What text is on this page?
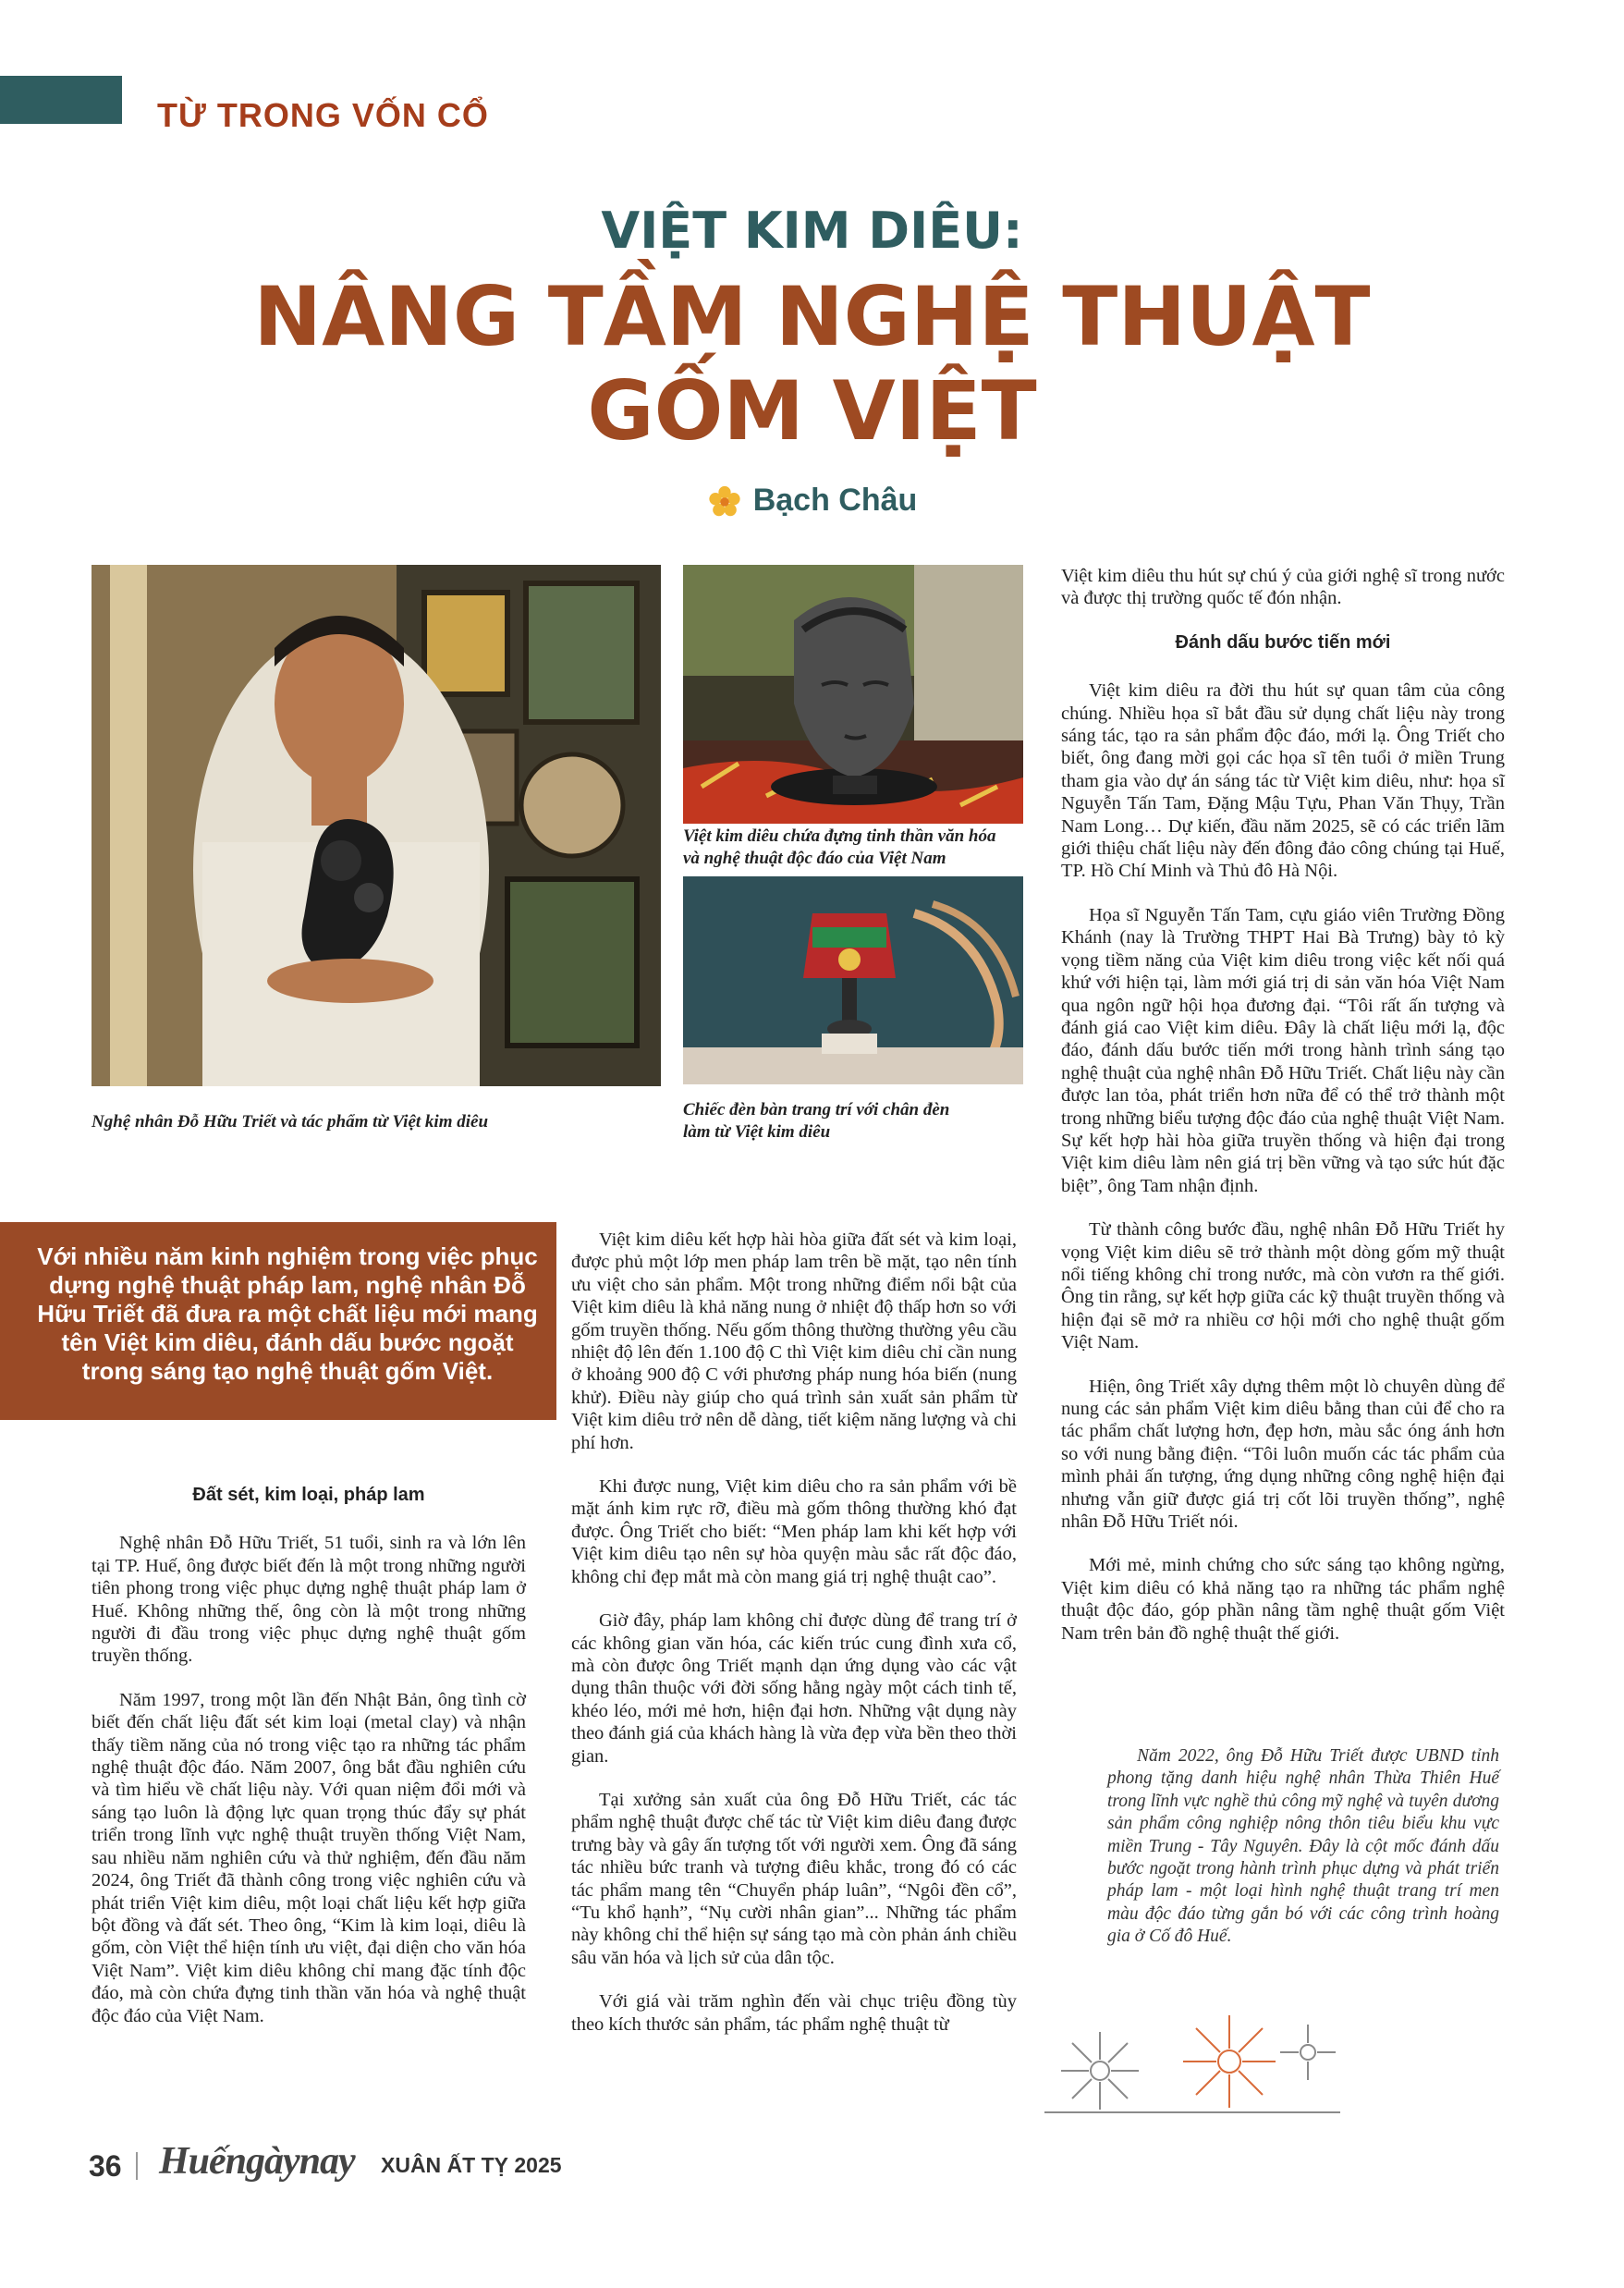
TỪ TRONG VỐN CỔ
VIỆT KIM DIÊU:
NÂNG TẦM NGHỆ THUẬT
GỐM VIỆT
Bạch Châu
Nghệ nhân Đỗ Hữu Triết và tác phẩm từ Việt kim diêu
Việt kim diêu chứa đựng tinh thần văn hóa
và nghệ thuật độc đáo của Việt Nam
Chiếc đèn bàn trang trí với chân đèn
làm từ Việt kim diêu
Với nhiều năm kinh nghiệm trong việc phục dựng nghệ thuật pháp lam, nghệ nhân Đỗ Hữu Triết đã đưa ra một chất liệu mới mang tên Việt kim diêu, đánh dấu bước ngoặt trong sáng tạo nghệ thuật gốm Việt.
Đất sét, kim loại, pháp lam

Nghệ nhân Đỗ Hữu Triết, 51 tuổi, sinh ra và lớn lên tại TP. Huế, ông được biết đến là một trong những người tiên phong trong việc phục dựng nghệ thuật pháp lam ở Huế. Không những thế, ông còn là một trong những người đi đầu trong việc phục dựng nghệ thuật gốm truyền thống.

Năm 1997, trong một lần đến Nhật Bản, ông tình cờ biết đến chất liệu đất sét kim loại (metal clay) và nhận thấy tiềm năng của nó trong việc tạo ra những tác phẩm nghệ thuật độc đáo. Năm 2007, ông bắt đầu nghiên cứu và tìm hiểu về chất liệu này. Với quan niệm đổi mới và sáng tạo luôn là động lực quan trọng thúc đẩy sự phát triển trong lĩnh vực nghệ thuật truyền thống Việt Nam, sau nhiều năm nghiên cứu và thử nghiệm, đến đầu năm 2024, ông Triết đã thành công trong việc nghiên cứu và phát triển Việt kim diêu, một loại chất liệu kết hợp giữa bột đồng và đất sét. Theo ông, “Kim là kim loại, diêu là gốm, còn Việt thể hiện tính ưu việt, đại diện cho văn hóa Việt Nam”. Việt kim diêu không chỉ mang đặc tính độc đáo, mà còn chứa đựng tinh thần văn hóa và nghệ thuật độc đáo của Việt Nam.

Việt kim diêu kết hợp hài hòa giữa đất sét và kim loại, được phủ một lớp men pháp lam trên bề mặt, tạo nên tính ưu việt cho sản phẩm. Một trong những điểm nổi bật của Việt kim diêu là khả năng nung ở nhiệt độ thấp hơn so với gốm truyền thống. Nếu gốm thông thường thường yêu cầu nhiệt độ lên đến 1.100 độ C thì Việt kim diêu chỉ cần nung ở khoảng 900 độ C với phương pháp nung hóa biến (nung khử). Điều này giúp cho quá trình sản xuất sản phẩm từ Việt kim diêu trở nên dễ dàng, tiết kiệm năng lượng và chi phí hơn.

Khi được nung, Việt kim diêu cho ra sản phẩm với bề mặt ánh kim rực rỡ, điều mà gốm thông thường khó đạt được. Ông Triết cho biết: “Men pháp lam khi kết hợp với Việt kim diêu tạo nên sự hòa quyện màu sắc rất độc đáo, không chỉ đẹp mắt mà còn mang giá trị nghệ thuật cao”.

Giờ đây, pháp lam không chỉ được dùng để trang trí ở các không gian văn hóa, các kiến trúc cung đình xưa cổ, mà còn được ông Triết mạnh dạn ứng dụng vào các vật dụng thân thuộc với đời sống hằng ngày một cách tinh tế, khéo léo, mới mẻ hơn, hiện đại hơn. Những vật dụng này theo đánh giá của khách hàng là vừa đẹp vừa bền theo thời gian.

Tại xưởng sản xuất của ông Đỗ Hữu Triết, các tác phẩm nghệ thuật được chế tác từ Việt kim diêu đang được trưng bày và gây ấn tượng tốt với người xem. Ông đã sáng tác nhiều bức tranh và tượng điêu khắc, trong đó có các tác phẩm mang tên “Chuyển pháp luân”, “Ngôi đền cổ”, “Tu khổ hạnh”, “Nụ cười nhân gian”... Những tác phẩm này không chỉ thể hiện sự sáng tạo mà còn phản ánh chiều sâu văn hóa và lịch sử của dân tộc.

Với giá vài trăm nghìn đến vài chục triệu đồng tùy theo kích thước sản phẩm, tác phẩm nghệ thuật từ

Việt kim diêu thu hút sự chú ý của giới nghệ sĩ trong nước và được thị trường quốc tế đón nhận.

Đánh dấu bước tiến mới

Việt kim diêu ra đời thu hút sự quan tâm của công chúng. Nhiều họa sĩ bắt đầu sử dụng chất liệu này trong sáng tác, tạo ra sản phẩm độc đáo, mới lạ. Ông Triết cho biết, ông đang mời gọi các họa sĩ tên tuổi ở miền Trung tham gia vào dự án sáng tác từ Việt kim diêu, như: họa sĩ Nguyễn Tấn Tam, Đặng Mậu Tựu, Phan Văn Thụy, Trần Nam Long… Dự kiến, đầu năm 2025, sẽ có các triển lãm giới thiệu chất liệu này đến đông đảo công chúng tại Huế, TP. Hồ Chí Minh và Thủ đô Hà Nội.

Họa sĩ Nguyễn Tấn Tam, cựu giáo viên Trường Đồng Khánh (nay là Trường THPT Hai Bà Trưng) bày tỏ kỳ vọng tiềm năng của Việt kim diêu trong việc kết nối quá khứ với hiện tại, làm mới giá trị di sản văn hóa Việt Nam qua ngôn ngữ hội họa đương đại. “Tôi rất ấn tượng và đánh giá cao Việt kim diêu. Đây là chất liệu mới lạ, độc đáo, đánh dấu bước tiến mới trong hành trình sáng tạo nghệ thuật của nghệ nhân Đỗ Hữu Triết. Chất liệu này cần được lan tỏa, phát triển hơn nữa để có thể trở thành một trong những biểu tượng độc đáo của nghệ thuật Việt Nam. Sự kết hợp hài hòa giữa truyền thống và hiện đại trong Việt kim diêu làm nên giá trị bền vững và tạo sức hút đặc biệt”, ông Tam nhận định.

Từ thành công bước đầu, nghệ nhân Đỗ Hữu Triết hy vọng Việt kim diêu sẽ trở thành một dòng gốm mỹ thuật nổi tiếng không chỉ trong nước, mà còn vươn ra thế giới. Ông tin rằng, sự kết hợp giữa các kỹ thuật truyền thống và hiện đại sẽ mở ra nhiều cơ hội mới cho nghệ thuật gốm Việt Nam.

Hiện, ông Triết xây dựng thêm một lò chuyên dùng để nung các sản phẩm Việt kim diêu bằng than củi để cho ra tác phẩm chất lượng hơn, đẹp hơn, màu sắc óng ánh hơn so với nung bằng điện. “Tôi luôn muốn các tác phẩm của mình phải ấn tượng, ứng dụng những công nghệ hiện đại nhưng vẫn giữ được giá trị cốt lõi truyền thống”, nghệ nhân Đỗ Hữu Triết nói.

Mới mẻ, minh chứng cho sức sáng tạo không ngừng, Việt kim diêu có khả năng tạo ra những tác phẩm nghệ thuật độc đáo, góp phần nâng tầm nghệ thuật gốm Việt Nam trên bản đồ nghệ thuật thế giới.

Năm 2022, ông Đỗ Hữu Triết được UBND tỉnh phong tặng danh hiệu nghệ nhân Thừa Thiên Huế trong lĩnh vực nghề thủ công mỹ nghệ và tuyên dương sản phẩm công nghiệp nông thôn tiêu biểu khu vực miền Trung - Tây Nguyên. Đây là cột mốc đánh dấu bước ngoặt trong hành trình phục dựng và phát triển pháp lam - một loại hình nghệ thuật trang trí men màu độc đáo từng gắn bó với các công trình hoàng gia ở Cố đô Huế.
36 Huếngàynay XUÂN ẤT TỴ 2025
